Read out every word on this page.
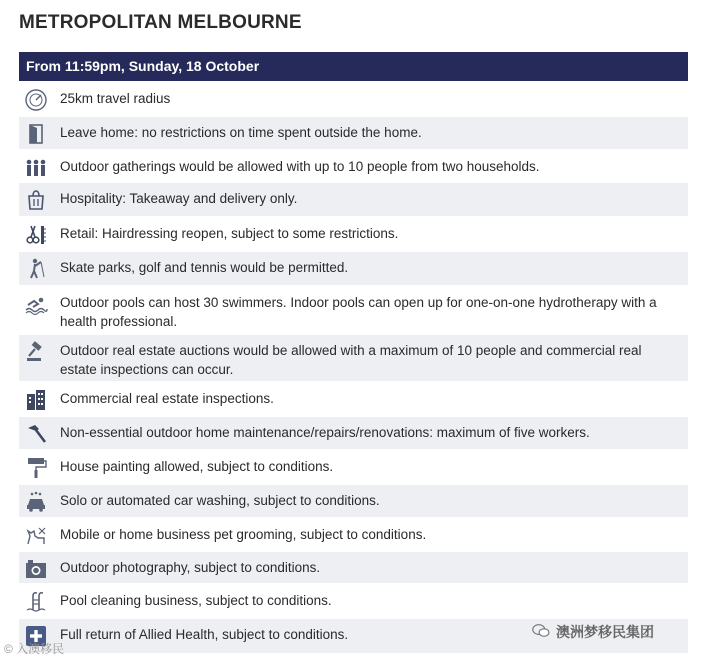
METROPOLITAN MELBOURNE
From 11:59pm, Sunday, 18 October
25km travel radius
Leave home: no restrictions on time spent outside the home.
Outdoor gatherings would be allowed with up to 10 people from two households.
Hospitality: Takeaway and delivery only.
Retail: Hairdressing reopen, subject to some restrictions.
Skate parks, golf and tennis would be permitted.
Outdoor pools can host 30 swimmers. Indoor pools can open up for one-on-one hydrotherapy with a health professional.
Outdoor real estate auctions would be allowed with a maximum of 10 people and commercial real estate inspections can occur.
Commercial real estate inspections.
Non-essential outdoor home maintenance/repairs/renovations: maximum of five workers.
House painting allowed, subject to conditions.
Solo or automated car washing, subject to conditions.
Mobile or home business pet grooming, subject to conditions.
Outdoor photography, subject to conditions.
Pool cleaning business, subject to conditions.
Full return of Allied Health, subject to conditions.
© 入澳移民
澳洲梦移民集团
